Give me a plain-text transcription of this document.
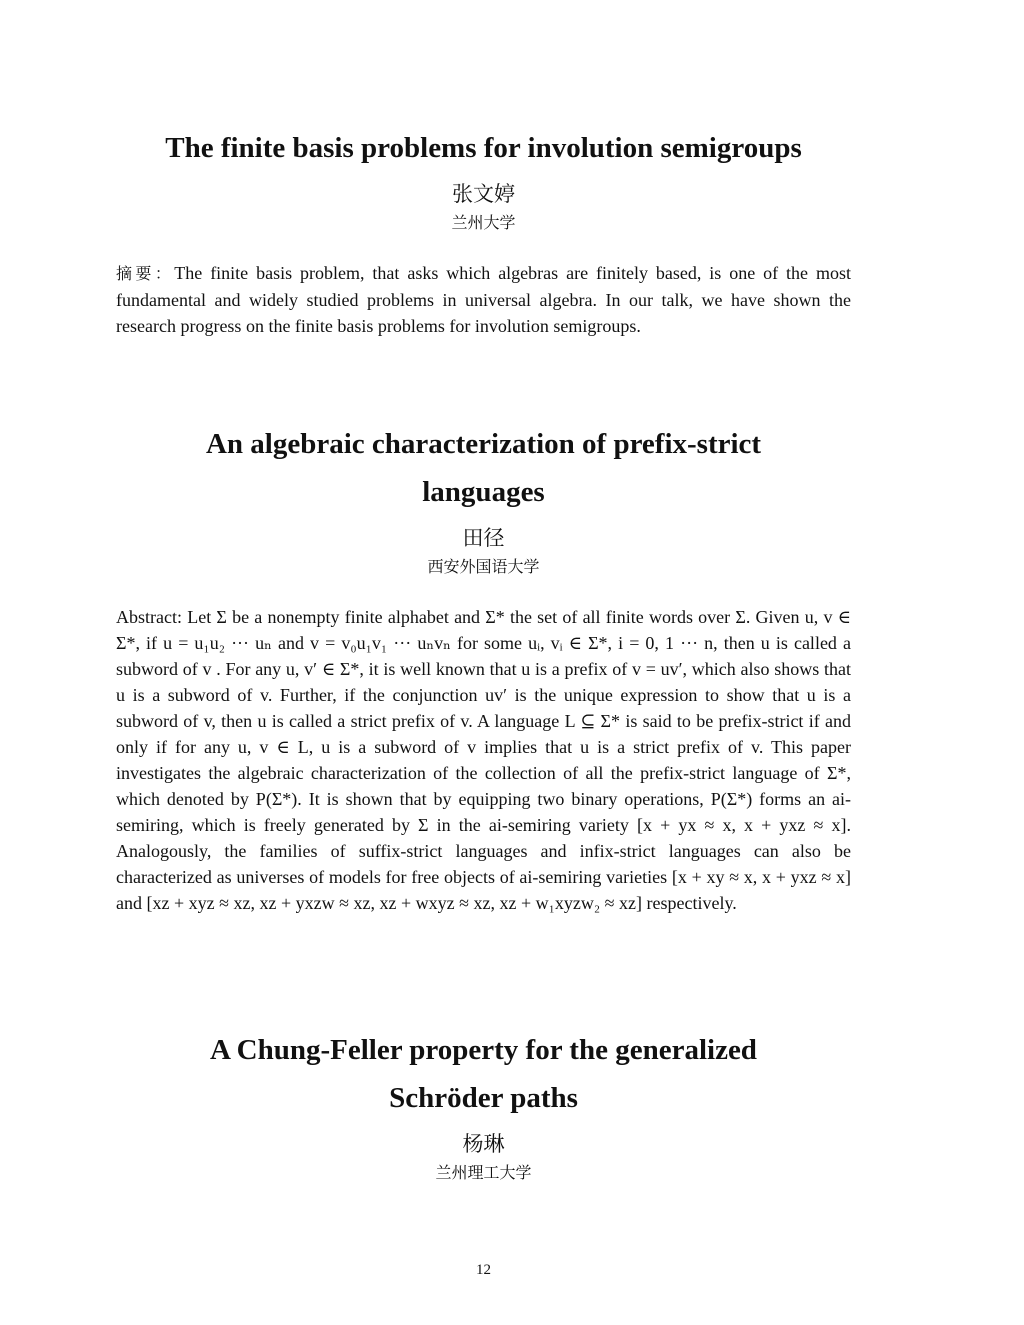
The finite basis problems for involution semigroups
张文婷
兰州大学

摘要：The finite basis problem, that asks which algebras are finitely based, is one of the most fundamental and widely studied problems in universal algebra. In our talk, we have shown the research progress on the finite basis problems for involution semigroups.

An algebraic characterization of prefix-strict
languages
田径
西安外国语大学

Abstract: Let Σ be a nonempty finite alphabet and Σ* the set of all finite words over Σ. Given u, v ∈ Σ*, if u = u₁u₂ ··· uₙ and v = v₀u₁v₁ ··· uₙvₙ for some uᵢ, vᵢ ∈ Σ*, i = 0, 1 ··· n, then u is called a subword of v . For any u, v′ ∈ Σ*, it is well known that u is a prefix of v = uv′, which also shows that u is a subword of v. Further, if the conjunction uv′ is the unique expression to show that u is a subword of v, then u is called a strict prefix of v. A language L ⊆ Σ* is said to be prefix-strict if and only if for any u, v ∈ L, u is a subword of v implies that u is a strict prefix of v. This paper investigates the algebraic characterization of the collection of all the prefix-strict language of Σ*, which denoted by P(Σ*). It is shown that by equipping two binary operations, P(Σ*) forms an ai-semiring, which is freely generated by Σ in the ai-semiring variety [x + yx ≈ x, x + yxz ≈ x]. Analogously, the families of suffix-strict languages and infix-strict languages can also be characterized as universes of models for free objects of ai-semiring varieties [x + xy ≈ x, x + yxz ≈ x] and [xz + xyz ≈ xz, xz + yxzw ≈ xz, xz + wxyz ≈ xz, xz + w₁xyzw₂ ≈ xz] respectively.

A Chung-Feller property for the generalized
Schröder paths
杨琳
兰州理工大学
12
